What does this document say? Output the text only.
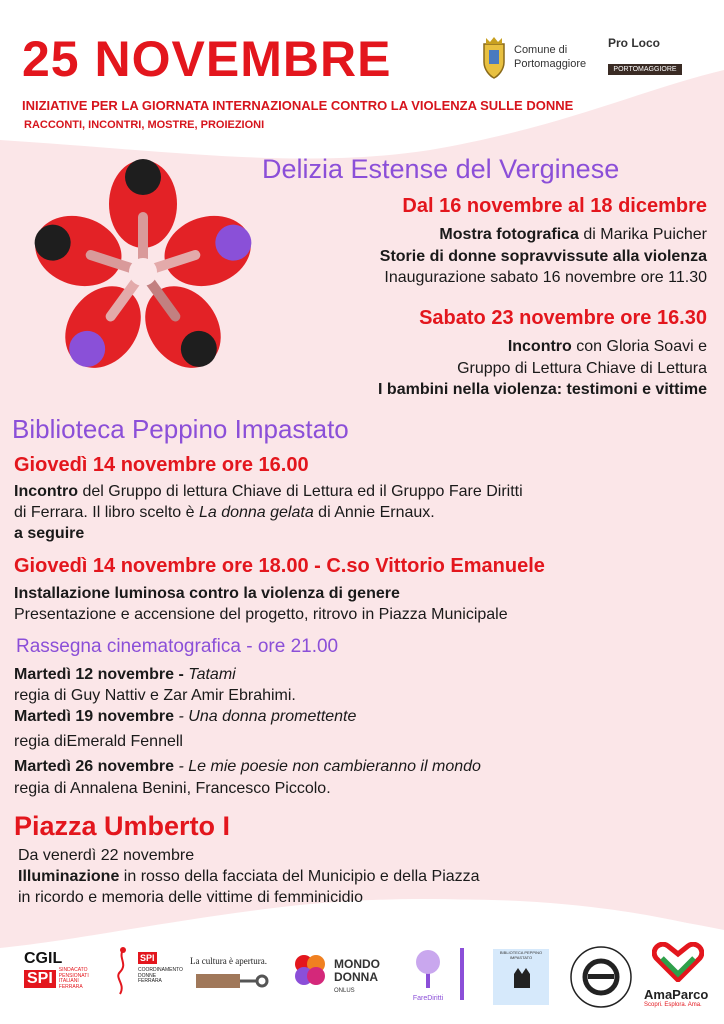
25 NOVEMBRE
INIZIATIVE PER LA GIORNATA INTERNAZIONALE CONTRO LA VIOLENZA SULLE DONNE
RACCONTI, INCONTRI, MOSTRE, PROIEZIONI
Comune di
Portomaggiore
Pro Loco
PORTOMAGGIORE
Delizia Estense del Verginese
Dal 16 novembre al 18 dicembre
Mostra fotografica di Marika Puicher
Storie di donne sopravvissute alla violenza
Inaugurazione sabato 16 novembre ore 11.30
Sabato 23 novembre ore 16.30
Incontro con Gloria Soavi e
Gruppo di Lettura Chiave di Lettura
I bambini nella violenza: testimoni e vittime
Biblioteca Peppino Impastato
Giovedì 14 novembre ore 16.00
Incontro del Gruppo di lettura Chiave di Lettura ed il Gruppo Fare Diritti
di Ferrara. Il libro scelto è La donna gelata di Annie Ernaux.
a seguire
Giovedì 14 novembre ore 18.00 - C.so Vittorio Emanuele
Installazione luminosa contro la violenza di genere
Presentazione e accensione del progetto, ritrovo in Piazza Municipale
Rassegna cinematografica - ore 21.00
Martedì 12 novembre - Tatami
regia di Guy Nattiv e Zar Amir Ebrahimi.
Martedì 19 novembre - Una donna promettente
regia diEmerald Fennell
Martedì 26 novembre - Le mie poesie non cambieranno il mondo
regia di Annalena Benini, Francesco Piccolo.
Piazza Umberto I
Da venerdì 22 novembre
Illuminazione in rosso della facciata del Municipio e della Piazza
in ricordo e memoria delle vittime di femminicidio
CGIL
SPI	SINDACATO PENSIONATI ITALIANI FERRARA
SPI
COORDINAMENTO DONNE FERRARA
La cultura è apertura.	MONDO
DONNA
ONLUS
FareDiritti
BIBLIOTECA PEPPINO IMPASTATO
AmaParco
Scopri. Esplora. Ama.
